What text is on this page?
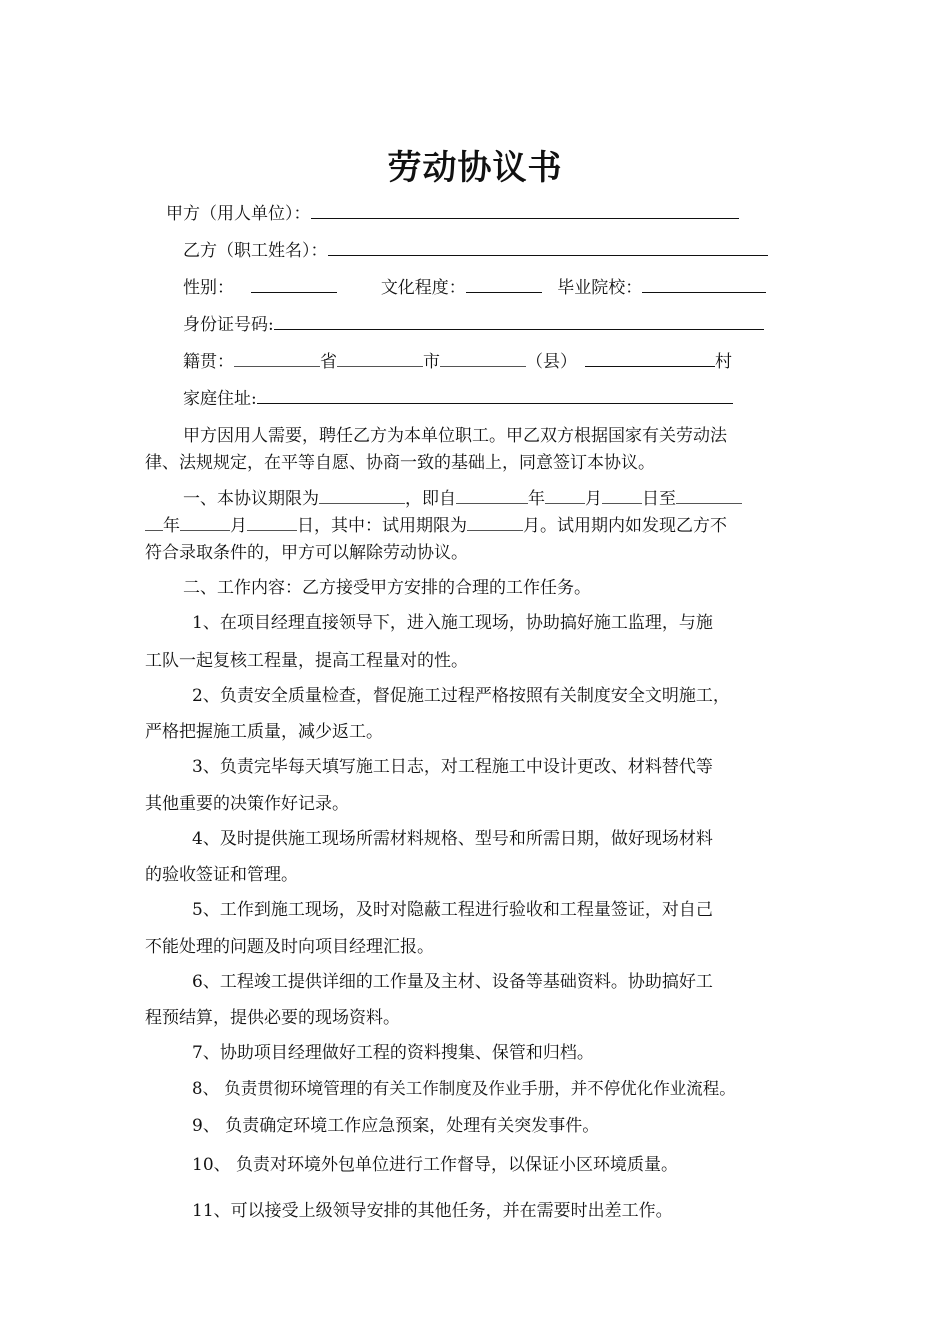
劳动协议书
甲方（用人单位）：
乙方（职工姓名）：
性别：	文化程度：	毕业院校：
身份证号码:
籍贯：	省	市	（县）	村
家庭住址:
甲方因用人需要，聘任乙方为本单位职工。甲乙双方根据国家有关劳动法
律、法规规定，在平等自愿、协商一致的基础上，同意签订本协议。
一、本协议期限为	，即自	年 月 日至
年	月	日，其中：试用期限为	月。试用期内如发现乙方不
符合录取条件的，甲方可以解除劳动协议。
二、工作内容：乙方接受甲方安排的合理的工作任务。
1、在项目经理直接领导下，进入施工现场，协助搞好施工监理，与施
工队一起复核工程量，提高工程量对的性。
2、负责安全质量检查，督促施工过程严格按照有关制度安全文明施工，
严格把握施工质量，减少返工。
3、负责完毕每天填写施工日志，对工程施工中设计更改、材料替代等
其他重要的决策作好记录。
4、及时提供施工现场所需材料规格、型号和所需日期，做好现场材料
的验收签证和管理。
5、工作到施工现场，及时对隐蔽工程进行验收和工程量签证，对自己
不能处理的问题及时向项目经理汇报。
6、工程竣工提供详细的工作量及主材、设备等基础资料。协助搞好工
程预结算，提供必要的现场资料。
7、协助项目经理做好工程的资料搜集、保管和归档。
8、 负责贯彻环境管理的有关工作制度及作业手册，并不停优化作业流程。
9、 负责确定环境工作应急预案，处理有关突发事件。
10、 负责对环境外包单位进行工作督导，以保证小区环境质量。
11、可以接受上级领导安排的其他任务，并在需要时出差工作。
